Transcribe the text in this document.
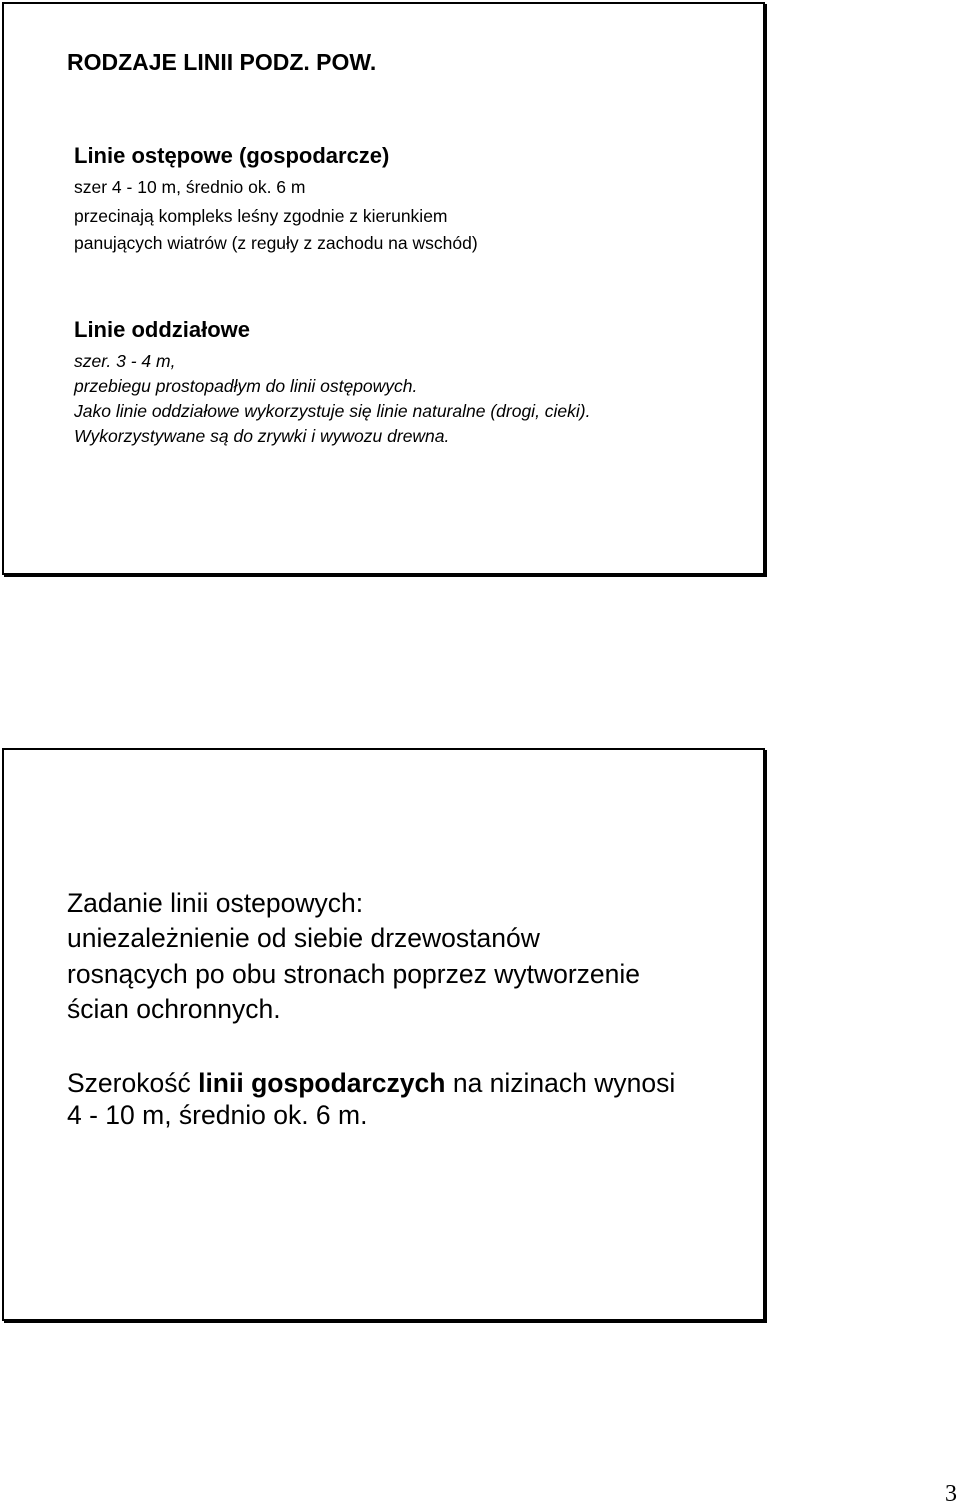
RODZAJE LINII PODZ. POW.

Linie ostępowe (gospodarcze)

szer 4 - 10 m, średnio ok. 6 m

przecinają kompleks leśny zgodnie z kierunkiem

panujących wiatrów (z reguły z zachodu na wschód)

Linie oddziałowe

szer. 3 - 4 m,

przebiegu prostopadłym do linii ostępowych.

Jako linie oddziałowe wykorzystuje się linie naturalne (drogi, cieki).

Wykorzystywane są do zrywki i wywozu drewna.

Zadanie linii ostepowych:

uniezależnienie od siebie drzewostanów

rosnących po obu stronach poprzez wytworzenie

ścian ochronnych.

Szerokość linii gospodarczych na nizinach wynosi

4 - 10 m, średnio ok. 6 m.

3
